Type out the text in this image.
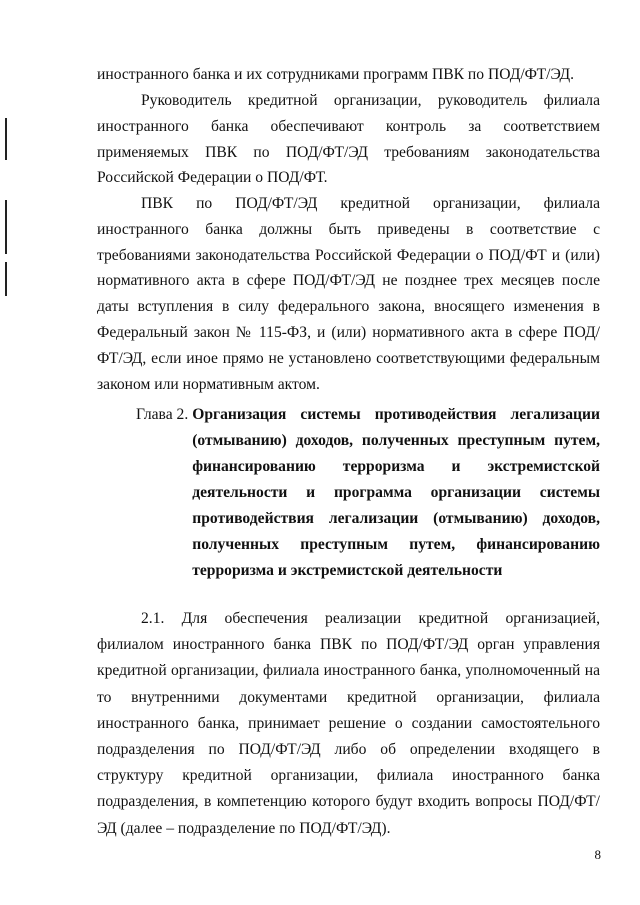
иностранного банка и их сотрудниками программ ПВК по ПОД/ФТ/ЭД.

Руководитель кредитной организации, руководитель филиала иностранного банка обеспечивают контроль за соответствием применяемых ПВК по ПОД/ФТ/ЭД требованиям законодательства Российской Федерации о ПОД/ФТ.

ПВК по ПОД/ФТ/ЭД кредитной организации, филиала иностранного банка должны быть приведены в соответствие с требованиями законодательства Российской Федерации о ПОД/ФТ и (или) нормативного акта в сфере ПОД/ФТ/ЭД не позднее трех месяцев после даты вступления в силу федерального закона, вносящего изменения в Федеральный закон № 115-ФЗ, и (или) нормативного акта в сфере ПОД/ФТ/ЭД, если иное прямо не установлено соответствующими федеральным законом или нормативным актом.

Глава 2. Организация системы противодействия легализации (отмыванию) доходов, полученных преступным путем, финансированию терроризма и экстремистской деятельности и программа организации системы противодействия легализации (отмыванию) доходов, полученных преступным путем, финансированию терроризма и экстремистской деятельности

2.1. Для обеспечения реализации кредитной организацией, филиалом иностранного банка ПВК по ПОД/ФТ/ЭД орган управления кредитной организации, филиала иностранного банка, уполномоченный на то внутренними документами кредитной организации, филиала иностранного банка, принимает решение о создании самостоятельного подразделения по ПОД/ФТ/ЭД либо об определении входящего в структуру кредитной организации, филиала иностранного банка подразделения, в компетенцию которого будут входить вопросы ПОД/ФТ/ЭД (далее – подразделение по ПОД/ФТ/ЭД).

8
